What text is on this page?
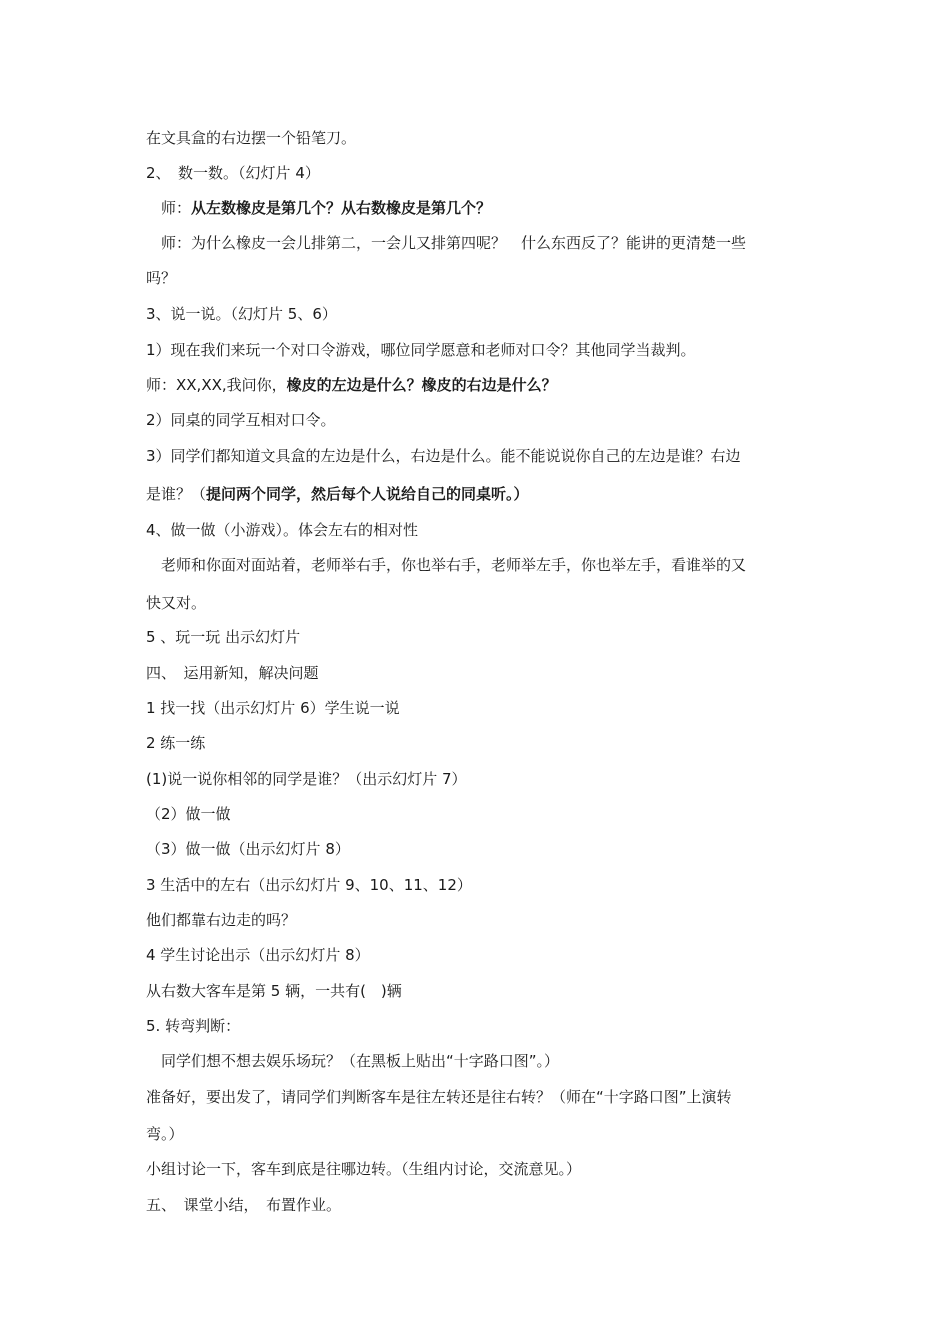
在文具盒的右边摆一个铅笔刀。

2、　数一数。（幻灯片 4）

　师：从左数橡皮是第几个？从右数橡皮是第几个？

　师：为什么橡皮一会儿排第二，一会儿又排第四呢？　什么东西反了？能讲的更清楚一些

吗？

3、说一说。（幻灯片 5、6）

1）现在我们来玩一个对口令游戏，哪位同学愿意和老师对口令？其他同学当裁判。

师：XX,XX,我问你，橡皮的左边是什么？橡皮的右边是什么？

2）同桌的同学互相对口令。

3）同学们都知道文具盒的左边是什么，右边是什么。能不能说说你自己的左边是谁？右边

是谁？（提问两个同学，然后每个人说给自己的同桌听。）

4、做一做（小游戏）。体会左右的相对性

　老师和你面对面站着，老师举右手，你也举右手，老师举左手，你也举左手，看谁举的又

快又对。

5 、玩一玩 出示幻灯片

四、　运用新知，解决问题

1 找一找（出示幻灯片 6）学生说一说

2 练一练

(1)说一说你相邻的同学是谁？（出示幻灯片 7）

（2）做一做

（3）做一做（出示幻灯片 8）

3 生活中的左右（出示幻灯片 9、10、11、12）

他们都靠右边走的吗？

4 学生讨论出示（出示幻灯片 8）

从右数大客车是第 5 辆，一共有(　)辆

5. 转弯判断：

　同学们想不想去娱乐场玩？（在黑板上贴出“十字路口图”。）

准备好，要出发了，请同学们判断客车是往左转还是往右转？（师在“十字路口图”上演转

弯。）

小组讨论一下，客车到底是往哪边转。（生组内讨论，交流意见。）

五、　课堂小结，　布置作业。
